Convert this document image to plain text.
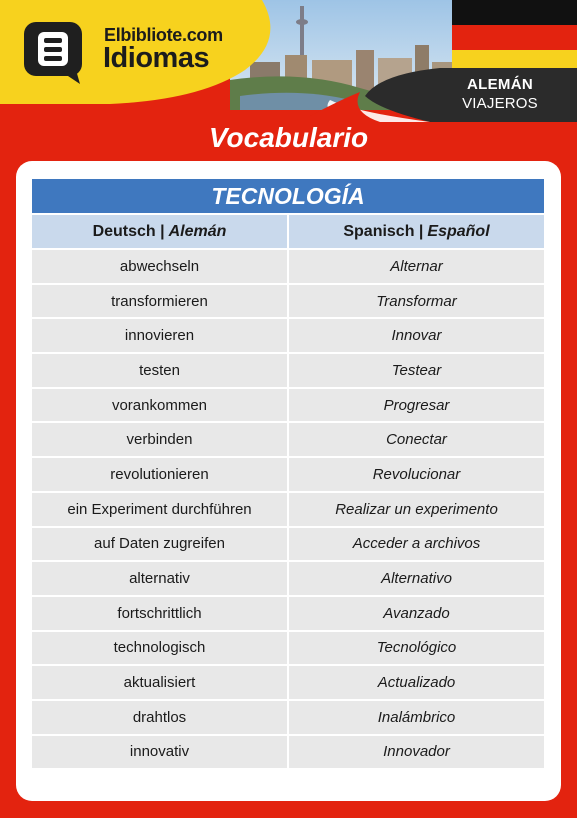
Elbibliote.com
Idiomas
ALEMÁN
VIAJEROS
Vocabulario
TECNOLOGÍA
Deutsch | Alemán	Spanisch | Español
abwechseln	Alternar
transformieren	Transformar
innovieren	Innovar
testen	Testear
vorankommen	Progresar
verbinden	Conectar
revolutionieren	Revolucionar
ein Experiment durchführen	Realizar un experimento
auf Daten zugreifen	Acceder a archivos
alternativ	Alternativo
fortschrittlich	Avanzado
technologisch	Tecnológico
aktualisiert	Actualizado
drahtlos	Inalámbrico
innovativ	Innovador
